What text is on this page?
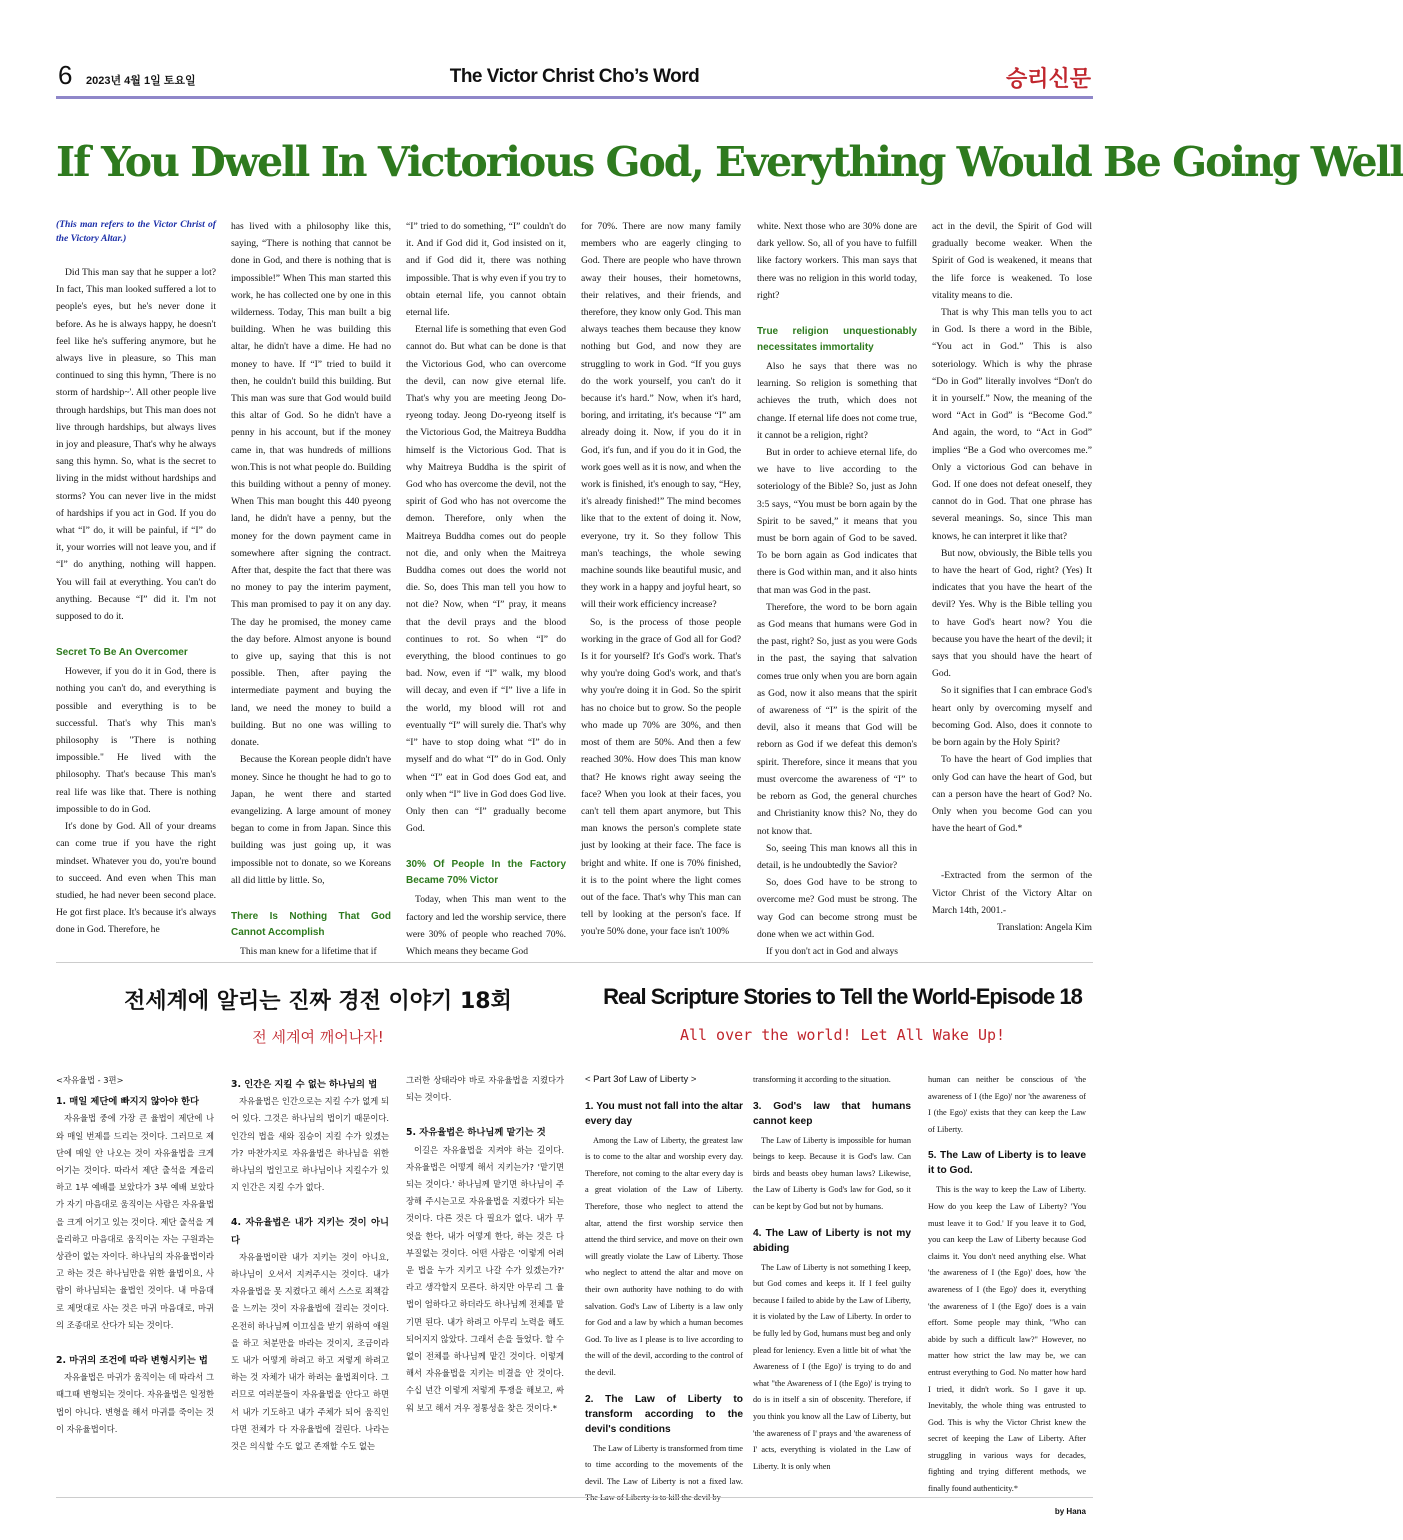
6 2023년 4월 1일 토요일	The Victor Christ Cho’s Word	승리신문
If You Dwell In Victorious God, Everything Would Be Going Well

(This man refers to the Victor Christ of the Victory Altar.)

Did This man say that he supper a lot? In fact, This man looked suffered a lot to people's eyes, but he's never done it before. As he is always happy, he doesn't feel like he's suffering anymore, but he always live in pleasure, so This man continued to sing this hymn, 'There is no storm of hardship~'. All other people live through hardships, but This man does not live through hardships, but always lives in joy and pleasure, That's why he always sang this hymn. So, what is the secret to living in the midst without hardships and storms? You can never live in the midst of hardships if you act in God. If you do what “I” do, it will be painful, if “I” do it, your worries will not leave you, and if “I” do anything, nothing will happen. You will fail at everything. You can't do anything. Because “I” did it. I'm not supposed to do it.

Secret To Be An Overcomer

However, if you do it in God, there is nothing you can't do, and everything is possible and everything is to be successful. That's why This man's philosophy is "There is nothing impossible." He lived with the philosophy. That's because This man's real life was like that. There is nothing impossible to do in God.

It's done by God. All of your dreams can come true if you have the right mindset. Whatever you do, you're bound to succeed. And even when This man studied, he had never been second place. He got first place. It's because it's always done in God. Therefore, he

has lived with a philosophy like this, saying, “There is nothing that cannot be done in God, and there is nothing that is impossible!” When This man started this work, he has collected one by one in this wilderness. Today, This man built a big building. When he was building this altar, he didn't have a dime. He had no money to have. If “I” tried to build it then, he couldn't build this building. But This man was sure that God would build this altar of God. So he didn't have a penny in his account, but if the money came in, that was hundreds of millions won.This is not what people do. Building this building without a penny of money. When This man bought this 440 pyeong land, he didn't have a penny, but the money for the down payment came in somewhere after signing the contract. After that, despite the fact that there was no money to pay the interim payment, This man promised to pay it on any day. The day he promised, the money came the day before. Almost anyone is bound to give up, saying that this is not possible. Then, after paying the intermediate payment and buying the land, we need the money to build a building. But no one was willing to donate.

Because the Korean people didn't have money. Since he thought he had to go to Japan, he went there and started evangelizing. A large amount of money began to come in from Japan. Since this building was just going up, it was impossible not to donate, so we Koreans all did little by little. So,

There Is Nothing That God Cannot Accomplish

This man knew for a lifetime that if

“I” tried to do something, “I” couldn't do it. And if God did it, God insisted on it, and if God did it, there was nothing impossible. That is why even if you try to obtain eternal life, you cannot obtain eternal life.

Eternal life is something that even God cannot do. But what can be done is that the Victorious God, who can overcome the devil, can now give eternal life. That's why you are meeting Jeong Do-ryeong today. Jeong Do-ryeong itself is the Victorious God, the Maitreya Buddha himself is the Victorious God. That is why Maitreya Buddha is the spirit of God who has overcome the devil, not the spirit of God who has not overcome the demon. Therefore, only when the Maitreya Buddha comes out do people not die, and only when the Maitreya Buddha comes out does the world not die. So, does This man tell you how to not die? Now, when “I” pray, it means that the devil prays and the blood continues to rot. So when “I” do everything, the blood continues to go bad. Now, even if “I” walk, my blood will decay, and even if “I” live a life in the world, my blood will rot and eventually “I” will surely die. That's why “I” have to stop doing what “I” do in myself and do what “I” do in God. Only when “I” eat in God does God eat, and only when “I” live in God does God live. Only then can “I” gradually become God.

30% Of People In the Factory Became 70% Victor

Today, when This man went to the factory and led the worship service, there were 30% of people who reached 70%. Which means they became God

for 70%. There are now many family members who are eagerly clinging to God. There are people who have thrown away their houses, their hometowns, their relatives, and their friends, and therefore, they know only God. This man always teaches them because they know nothing but God, and now they are struggling to work in God. “If you guys do the work yourself, you can't do it because it's hard.” Now, when it's hard, boring, and irritating, it's because “I” am already doing it. Now, if you do it in God, it's fun, and if you do it in God, the work goes well as it is now, and when the work is finished, it's enough to say, “Hey, it's already finished!” The mind becomes like that to the extent of doing it. Now, everyone, try it. So they follow This man's teachings, the whole sewing machine sounds like beautiful music, and they work in a happy and joyful heart, so will their work efficiency increase?

So, is the process of those people working in the grace of God all for God? Is it for yourself? It's God's work. That's why you're doing God's work, and that's why you're doing it in God. So the spirit has no choice but to grow. So the people who made up 70% are 30%, and then most of them are 50%. And then a few reached 30%. How does This man know that? He knows right away seeing the face? When you look at their faces, you can't tell them apart anymore, but This man knows the person's complete state just by looking at their face. The face is bright and white. If one is 70% finished, it is to the point where the light comes out of the face. That's why This man can tell by looking at the person's face. If you're 50% done, your face isn't 100%

white. Next those who are 30% done are dark yellow. So, all of you have to fulfill like factory workers. This man says that there was no religion in this world today, right?

True religion unquestionably necessitates immortality

Also he says that there was no learning. So religion is something that achieves the truth, which does not change. If eternal life does not come true, it cannot be a religion, right?

But in order to achieve eternal life, do we have to live according to the soteriology of the Bible? So, just as John 3:5 says, “You must be born again by the Spirit to be saved,” it means that you must be born again of God to be saved. To be born again as God indicates that there is God within man, and it also hints that man was God in the past.

Therefore, the word to be born again as God means that humans were God in the past, right? So, just as you were Gods in the past, the saying that salvation comes true only when you are born again as God, now it also means that the spirit of awareness of “I” is the spirit of the devil, also it means that God will be reborn as God if we defeat this demon's spirit. Therefore, since it means that you must overcome the awareness of “I” to be reborn as God, the general churches and Christianity know this? No, they do not know that.

So, seeing This man knows all this in detail, is he undoubtedly the Savior?

So, does God have to be strong to overcome me? God must be strong. The way God can become strong must be done when we act within God.

If you don't act in God and always

act in the devil, the Spirit of God will gradually become weaker. When the Spirit of God is weakened, it means that the life force is weakened. To lose vitality means to die.

That is why This man tells you to act in God. Is there a word in the Bible, “You act in God.” This is also soteriology. Which is why the phrase “Do in God” literally involves “Don't do it in yourself.” Now, the meaning of the word “Act in God” is “Become God.” And again, the word, to “Act in God” implies “Be a God who overcomes me.” Only a victorious God can behave in God. If one does not defeat oneself, they cannot do in God. That one phrase has several meanings. So, since This man knows, he can interpret it like that?

But now, obviously, the Bible tells you to have the heart of God, right? (Yes) It indicates that you have the heart of the devil? Yes. Why is the Bible telling you to have God's heart now? You die because you have the heart of the devil; it says that you should have the heart of God.

So it signifies that I can embrace God's heart only by overcoming myself and becoming God. Also, does it connote to be born again by the Holy Spirit?

To have the heart of God implies that only God can have the heart of God, but can a person have the heart of God? No. Only when you become God can you have the heart of God.*

-Extracted from the sermon of the Victor Christ of the Victory Altar on March 14th, 2001.-

Translation: Angela Kim

전세계에 알리는 진짜 경전 이야기 18회
전 세계여 깨어나자!
Real Scripture Stories to Tell the World-Episode 18
All over the world! Let All Wake Up!

<자유율법 - 3편>

1. 매일 제단에 빠지지 않아야 한다

자유율법 중에 가장 큰 율법이 제단에 나와 매일 번제를 드리는 것이다. 그러므로 제단에 매일 안 나오는 것이 자유율법을 크게 어기는 것이다. 따라서 제단 출석을 게을리 하고 1부 예배를 보았다가 3부 예배 보았다가 자기 마음대로 움직이는 사람은 자유율법을 크게 어기고 있는 것이다. 제단 출석을 게을리하고 마음대로 움직이는 자는 구원과는 상관이 없는 자이다. 하나님의 자유율법이라고 하는 것은 하나님만을 위한 율법이요, 사람이 하나님되는 율법인 것이다. 내 마음대로 제멋대로 사는 것은 마귀 마음대로, 마귀의 조종대로 산다가 되는 것이다.

2. 마귀의 조건에 따라 변형시키는 법

자유율법은 마귀가 움직이는 데 따라서 그때그때 변형되는 것이다. 자유율법은 일정한 법이 아니다. 변형을 해서 마귀를 죽이는 것이 자유율법이다.

3. 인간은 지킬 수 없는 하나님의 법

자유율법은 인간으로는 지킬 수가 없게 되어 있다. 그것은 하나님의 법이기 때문이다. 인간의 법을 새와 짐승이 지킬 수가 있겠는가? 마찬가지로 자유율법은 하나님을 위한 하나님의 법인고로 하나님이나 지킬수가 있지 인간은 지킬 수가 없다.

4. 자유율법은 내가 지키는 것이 아니다

자유율법이란 내가 지키는 것이 아니요, 하나님이 오셔서 지켜주시는 것이다. 내가 자유율법을 못 지켰다고 해서 스스로 죄책감을 느끼는 것이 자유율법에 걸리는 것이다. 온전히 하나님께 이끄심을 받기 위하여 애원을 하고 처분만을 바라는 것이지, 조금이라도 내가 어떻게 하려고 하고 저렇게 하려고 하는 것 자체가 내가 하려는 율법죄이다. 그러므로 여러분들이 자유율법을 안다고 하면서 내가 기도하고 내가 주체가 되어 움직인다면 전체가 다 자유율법에 걸린다. 나라는 것은 의식할 수도 없고 존재할 수도 없는

그러한 상태라야 바로 자유율법을 지켰다가 되는 것이다.

5. 자유율법은 하나님께 맡기는 것

이길은 자유율법을 지켜야 하는 길이다. 자유율법은 어떻게 해서 지키는가? '맡기면 되는 것이다.' 하나님께 맡기면 하나님이 주장해 주시는고로 자유율법을 지켰다가 되는 것이다. 다른 것은 다 필요가 없다. 내가 무엇을 한다, 내가 어떻게 한다, 하는 것은 다 부질없는 것이다. 어떤 사람은 '이렇게 어려운 법을 누가 지키고 나갈 수가 있겠는가?' 라고 생각할지 모른다. 하지만 아무리 그 율법이 엄하다고 하더라도 하나님께 전체를 맡기면 된다. 내가 하려고 아무리 노력을 해도 되어지지 않았다. 그래서 손을 들었다. 할 수 없이 전체를 하나님께 맡긴 것이다. 이렇게 해서 자유율법을 지키는 비결을 안 것이다. 수십 년간 이렇게 저렇게 투쟁을 해보고, 싸워 보고 해서 겨우 정통성을 찾은 것이다.*

< Part 3of Law of Liberty >

1. You must not fall into the altar every day

Among the Law of Liberty, the greatest law is to come to the altar and worship every day. Therefore, not coming to the altar every day is a great violation of the Law of Liberty. Therefore, those who neglect to attend the altar, attend the first worship service then attend the third service, and move on their own will greatly violate the Law of Liberty. Those who neglect to attend the altar and move on their own authority have nothing to do with salvation. God's Law of Liberty is a law only for God and a law by which a human becomes God. To live as I please is to live according to the will of the devil, according to the control of the devil.

2. The Law of Liberty to transform according to the devil's conditions

The Law of Liberty is transformed from time to time according to the movements of the devil. The Law of Liberty is not a fixed law.

transforming it according to the situation.

3. God's law that humans cannot keep

The Law of Liberty is impossible for human beings to keep. Because it is God's law. Can birds and beasts obey human laws? Likewise, the Law of Liberty is God's law for God, so it can be kept by God but not by humans.

4. The Law of Liberty is not my abiding

The Law of Liberty is not something I keep, but God comes and keeps it. If I feel guilty because I failed to abide by the Law of Liberty, it is violated by the Law of Liberty. In order to be fully led by God, humans must beg and only plead for leniency. Even a little bit of what 'the Awareness of I (the Ego)' is trying to do and what "the Awareness of I (the Ego)' is trying to do is in itself a sin of obscenity. Therefore, if you think you know all the Law of Liberty, but 'the awareness of I' prays and 'the awareness of I' acts, everything is violated in the Law of Liberty. It is only when

human can neither be conscious of 'the awareness of I (the Ego)' nor 'the awareness of I (the Ego)' exists that they can keep the Law of Liberty.

5. The Law of Liberty is to leave it to God.

This is the way to keep the Law of Liberty. How do you keep the Law of Liberty? 'You must leave it to God.' If you leave it to God, you can keep the Law of Liberty because God claims it. You don't need anything else. What 'the awareness of I (the Ego)' does, how 'the awareness of I (the Ego)' does it, everything 'the awareness of I (the Ego)' does is a vain effort. Some people may think, "Who can abide by such a difficult law?" However, no matter how strict the law may be, we can entrust everything to God. No matter how hard I tried, it didn't work. So I gave it up. Inevitably, the whole thing was entrusted to God. This is why the Victor Christ knew the secret of keeping the Law of Liberty. After struggling in various ways for decades, fighting and trying different methods, we finally found authenticity.*

by Hana
